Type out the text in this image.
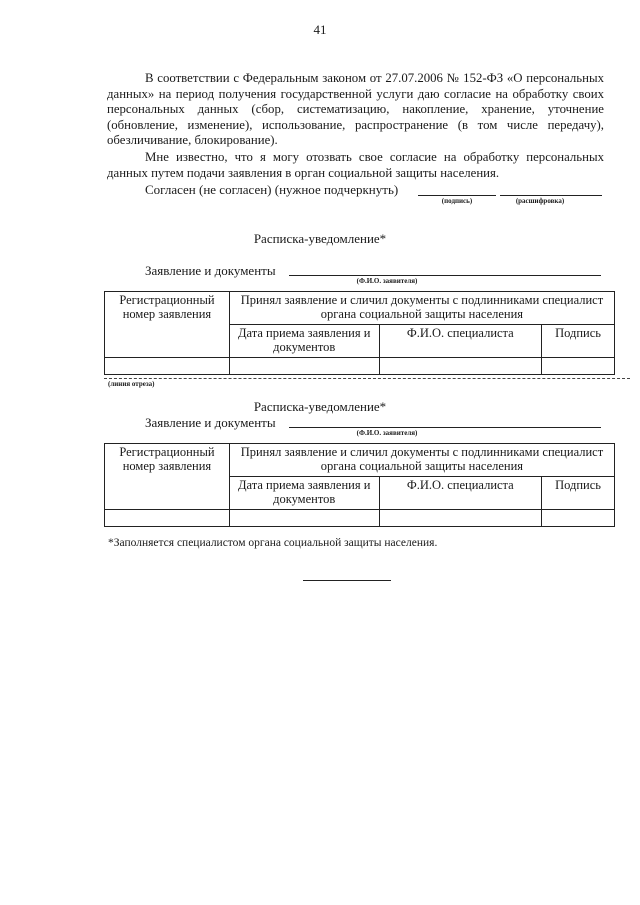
41
В соответствии с Федеральным законом от 27.07.2006 № 152-ФЗ «О персональных данных» на период получения государственной услуги даю согласие на обработку своих персональных данных (сбор, систематизацию, накопление, хранение, уточнение (обновление, изменение), использование, распространение (в том числе передачу), обезличивание, блокирование).
Мне известно, что я могу отозвать свое согласие на обработку персональных данных путем подачи заявления в орган социальной защиты населения.
Согласен (не согласен) (нужное подчеркнуть)
(подпись)	(расшифровка)
Расписка-уведомление*
Заявление и документы
(Ф.И.О. заявителя)
Регистрационный номер заявления	Принял заявление и сличил документы с подлинниками специалист органа социальной защиты населения		
	Дата приема заявления и документов	Ф.И.О. специалиста	Подпись

(линия отреза)
Расписка-уведомление*
Заявление и документы
(Ф.И.О. заявителя)
Регистрационный номер заявления	Принял заявление и сличил документы с подлинниками специалист органа социальной защиты населения		
	Дата приема заявления и документов	Ф.И.О. специалиста	Подпись

*Заполняется специалистом органа социальной защиты населения.
